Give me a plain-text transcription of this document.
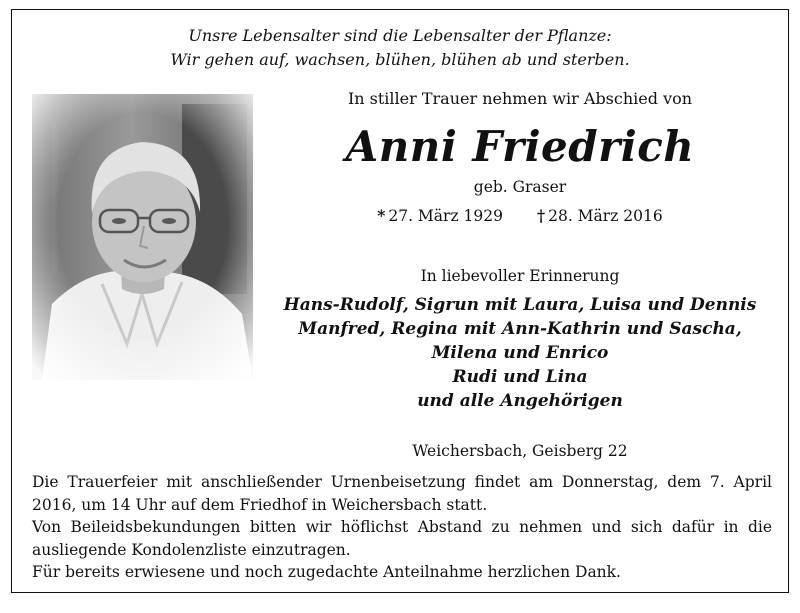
Unsre Lebensalter sind die Lebensalter der Pflanze:
Wir gehen auf, wachsen, blühen, blühen ab und sterben.
In stiller Trauer nehmen wir Abschied von
Anni Friedrich
geb. Graser
* 27. März 1929 † 28. März 2016
In liebevoller Erinnerung
Hans-Rudolf, Sigrun mit Laura, Luisa und Dennis
Manfred, Regina mit Ann-Kathrin und Sascha,
Milena und Enrico
Rudi und Lina
und alle Angehörigen
Weichersbach, Geisberg 22

Die Trauerfeier mit anschließender Urnenbeisetzung findet am Donnerstag, dem 7. April 2016, um 14 Uhr auf dem Friedhof in Weichersbach statt.

Von Beileidsbekundungen bitten wir höflichst Abstand zu nehmen und sich dafür in die ausliegende Kondolenzliste einzutragen.

Für bereits erwiesene und noch zugedachte Anteilnahme herzlichen Dank.
